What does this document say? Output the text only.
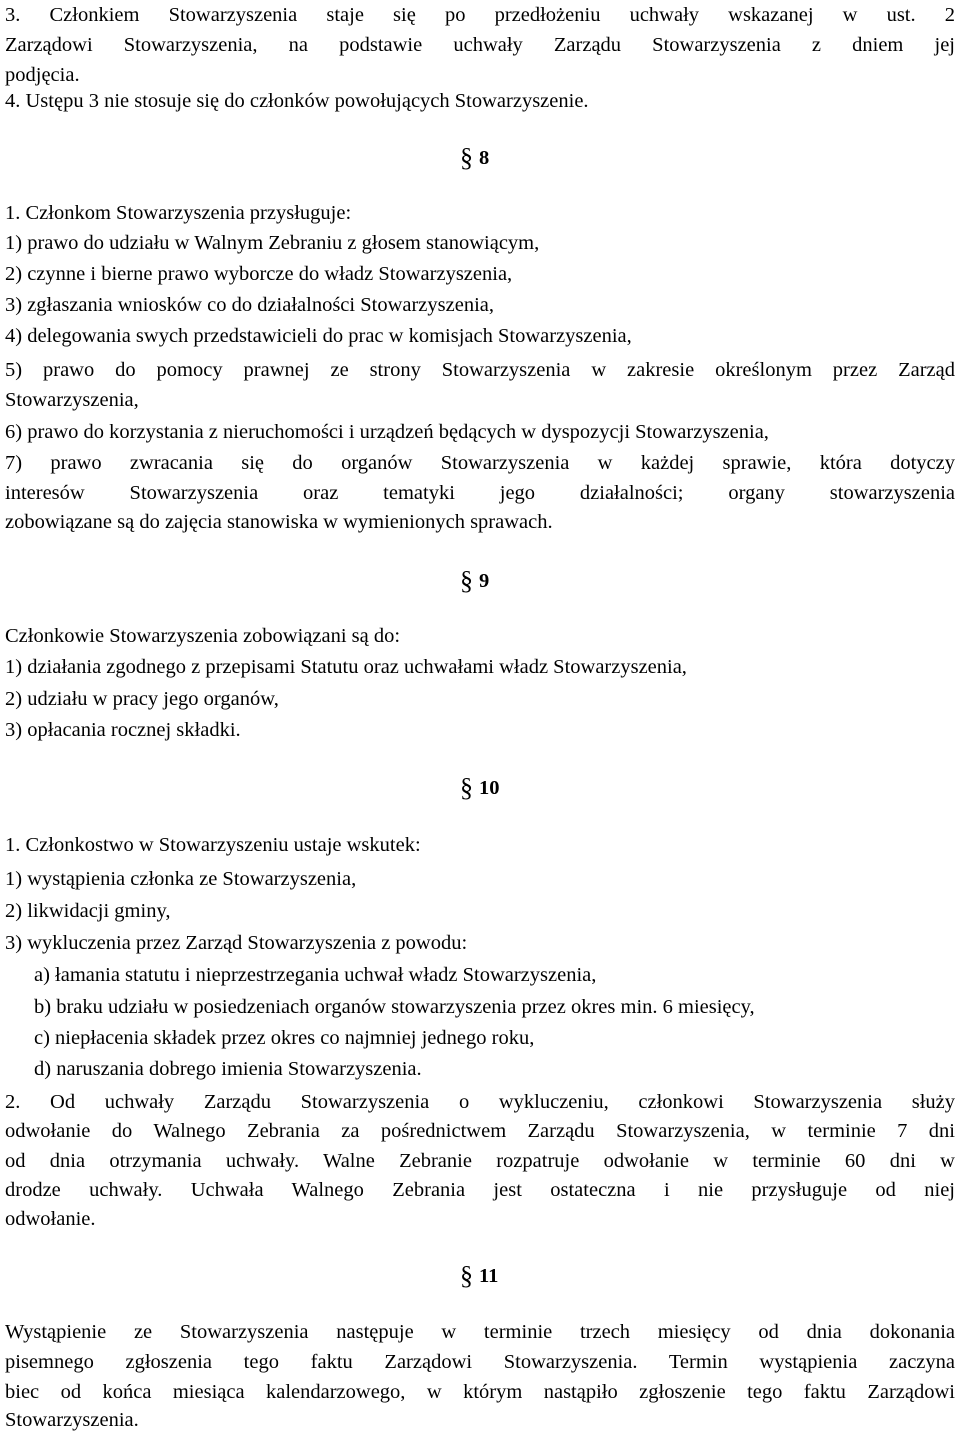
3. Członkiem Stowarzyszenia staje się po przedłożeniu uchwały wskazanej w ust. 2
Zarządowi Stowarzyszenia, na podstawie uchwały Zarządu Stowarzyszenia z dniem jej
podjęcia.
4. Ustępu 3 nie stosuje się do członków powołujących Stowarzyszenie.
§ 8
1. Członkom Stowarzyszenia przysługuje:
1) prawo do udziału w Walnym Zebraniu z głosem stanowiącym,
2) czynne i bierne prawo wyborcze do władz Stowarzyszenia,
3) zgłaszania wniosków co do działalności Stowarzyszenia,
4) delegowania swych przedstawicieli do prac w komisjach Stowarzyszenia,
5) prawo do pomocy prawnej ze strony Stowarzyszenia w zakresie określonym przez Zarząd
Stowarzyszenia,
6) prawo do korzystania z nieruchomości i urządzeń będących w dyspozycji Stowarzyszenia,
7) prawo zwracania się do organów Stowarzyszenia w każdej sprawie, która dotyczy
interesów Stowarzyszenia oraz tematyki jego działalności; organy stowarzyszenia
zobowiązane są do zajęcia stanowiska w wymienionych sprawach.
§ 9
Członkowie Stowarzyszenia zobowiązani są do:
1) działania zgodnego z przepisami Statutu oraz uchwałami władz Stowarzyszenia,
2) udziału w pracy jego organów,
3) opłacania rocznej składki.
§ 10
1. Członkostwo w Stowarzyszeniu ustaje wskutek:
1) wystąpienia członka ze Stowarzyszenia,
2) likwidacji gminy,
3) wykluczenia przez Zarząd Stowarzyszenia z powodu:
a) łamania statutu i nieprzestrzegania uchwał władz Stowarzyszenia,
b) braku udziału w posiedzeniach organów stowarzyszenia przez okres min. 6 miesięcy,
c) niepłacenia składek przez okres co najmniej jednego roku,
d) naruszania dobrego imienia Stowarzyszenia.
2. Od uchwały Zarządu Stowarzyszenia o wykluczeniu, członkowi Stowarzyszenia służy
odwołanie do Walnego Zebrania za pośrednictwem Zarządu Stowarzyszenia, w terminie 7 dni
od dnia otrzymania uchwały. Walne Zebranie rozpatruje odwołanie w terminie 60 dni w
drodze uchwały. Uchwała Walnego Zebrania jest ostateczna i nie przysługuje od niej
odwołanie.
§ 11
Wystąpienie ze Stowarzyszenia następuje w terminie trzech miesięcy od dnia dokonania
pisemnego zgłoszenia tego faktu Zarządowi Stowarzyszenia. Termin wystąpienia zaczyna
biec od końca miesiąca kalendarzowego, w którym nastąpiło zgłoszenie tego faktu Zarządowi
Stowarzyszenia.
